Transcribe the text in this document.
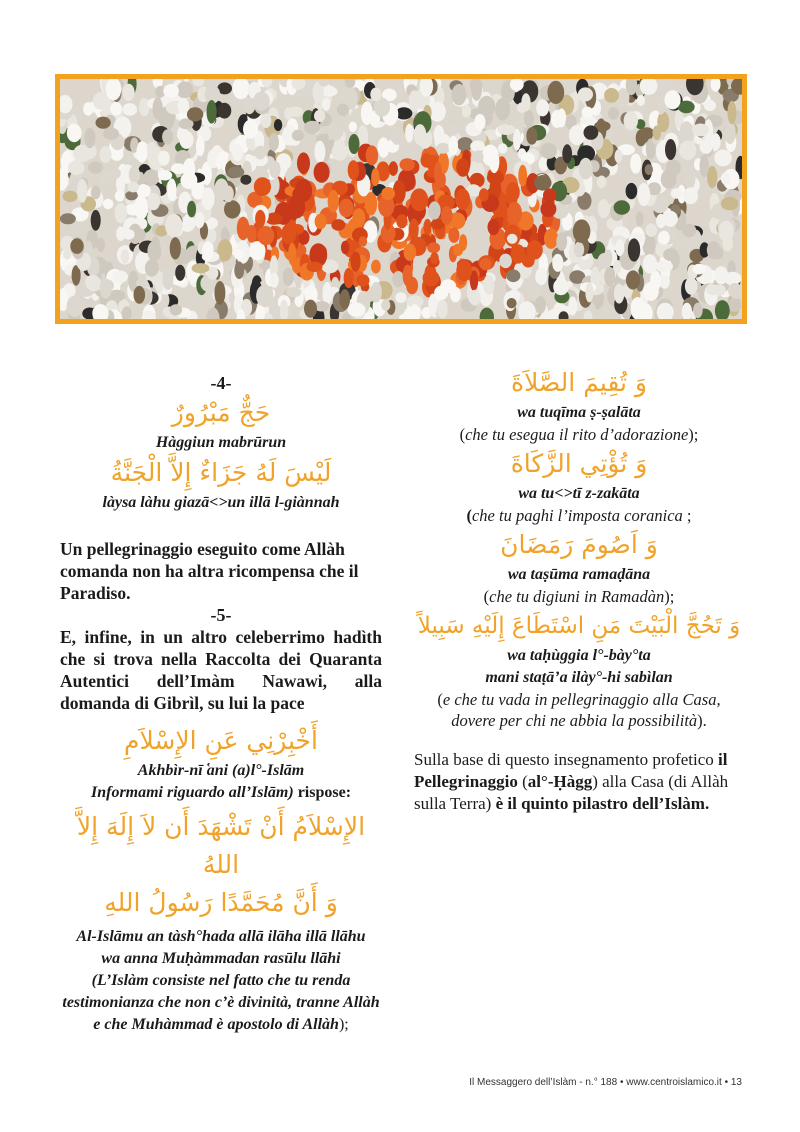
-4-
حَجٌّ مَبْرُورٌ
Hàggiun mabrūrun
لَيْسَ لَهُ جَزَاءٌ إِلاَّ الْجَنَّةُ
làysa làhu giazā<>un illā l-giànnah
Un pellegrinaggio eseguito come Allàh comanda non ha altra ricompensa che il Paradiso.
-5-
E, infine, in un altro celeberrimo hadìth che si trova nella Raccolta dei Quaranta Autentici dell’Imàm Nawawi, alla domanda di Gibrìl, su lui la pace
أَخْبِرْنِي عَنِ الإِسْلاَمِ
Akhbìr-nī ̔ani (a)l°-Islām
Informami riguardo all’Islām) rispose:
الإِسْلاَمُ أَنْ تَشْهَدَ أَن لاَ إِلَهَ إِلاَّ اللهُ
وَ أَنَّ مُحَمَّدًا رَسُولُ اللهِ
Al-Islāmu an tàsh°hada allā ilāha illā llāhu
wa anna Muḥàmmadan rasūlu llāhi
(L’Islàm consiste nel fatto che tu renda testimonianza che non c’è divinità, tranne Allàh e che Muhàmmad è apostolo di Allàh);
وَ تُقِيمَ الصَّلاَةَ
wa tuqīma ṣ-ṣalāta
(che tu esegua il rito d’adorazione);
وَ تُؤْتِي الزَّكَاةَ
wa tu<>tī z-zakāta
(che tu paghi l’imposta coranica ;
وَ اَصُومَ رَمَضَانَ
wa taṣūma ramaḍāna
(che tu digiuni in Ramadàn);
وَ تَحُجَّ الْبَيْتَ مَنِ اسْتَطَاعَ إِلَيْهِ سَبِيلاً
wa taḥùggia l°-bày°ta
mani staṭā’a ilày°-hi sabìlan
(e che tu vada in pellegrinaggio alla Casa, dovere per chi ne abbia la possibilità).
Sulla base di questo insegnamento profetico il Pellegrinaggio (al°-Ḥàgg) alla Casa (di Allàh sulla Terra) è il quinto pilastro dell’Islàm.
Il Messaggero dell’Islàm - n.° 188 • www.centroislamico.it • 13
